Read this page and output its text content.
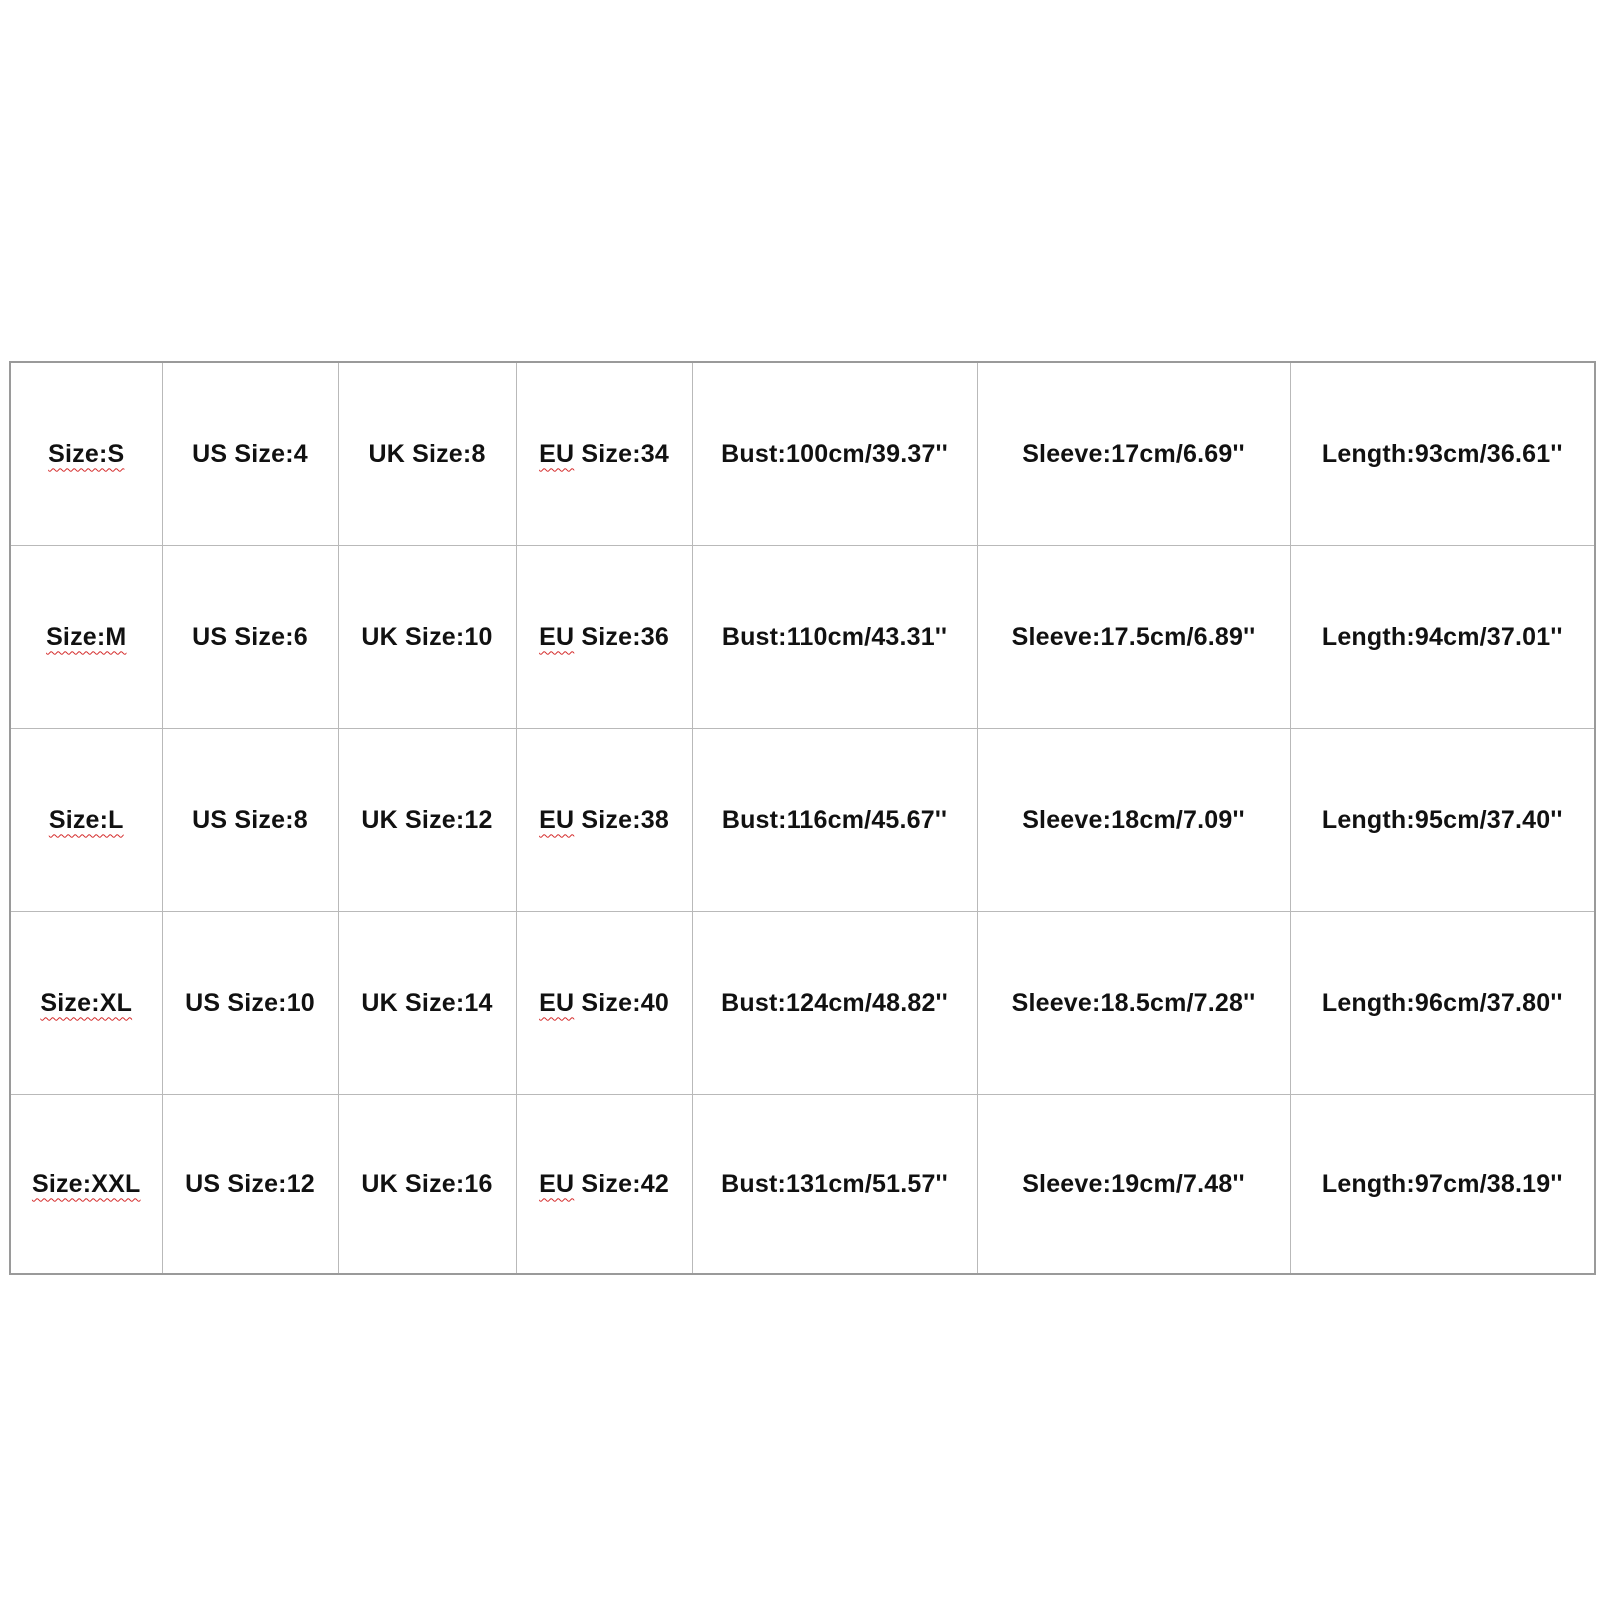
Size:S	US Size:4	UK Size:8	EU Size:34	Bust:100cm/39.37''	Sleeve:17cm/6.69''	Length:93cm/36.61''
Size:M	US Size:6	UK Size:10	EU Size:36	Bust:110cm/43.31''	Sleeve:17.5cm/6.89''	Length:94cm/37.01''
Size:L	US Size:8	UK Size:12	EU Size:38	Bust:116cm/45.67''	Sleeve:18cm/7.09''	Length:95cm/37.40''
Size:XL	US Size:10	UK Size:14	EU Size:40	Bust:124cm/48.82''	Sleeve:18.5cm/7.28''	Length:96cm/37.80''
Size:XXL	US Size:12	UK Size:16	EU Size:42	Bust:131cm/51.57''	Sleeve:19cm/7.48''	Length:97cm/38.19''
